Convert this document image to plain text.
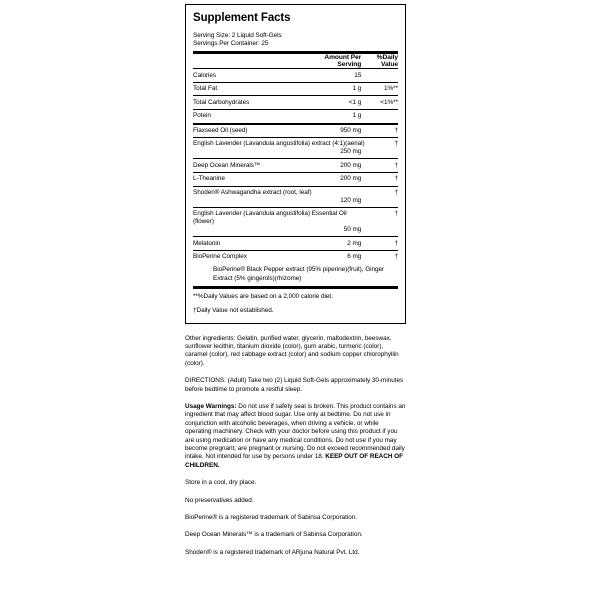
Supplement Facts
Serving Size: 2 Liquid Soft-Gels
Servings Per Container: 25
	Amount Per Serving	%Daily Value
Calories	15	
Total Fat	1 g	1%**
Total Carbohydrates	<1 g	<1%**
Potein	1 g	
Flaxseed Oil (seed)	950 mg	†
English Lavender (Lavandula angustifolia) extract (4:1)(aerial)
250 mg		†
Deep Ocean Minerals™	200 mg	†
L-Theanine	200 mg	†
Shoden® Ashwagandha extract (root, leaf)
120 mg		†
English Lavender (Lavandula angustifolia) Essential Oil (flower)
50 mg		†
Melatonin	2 mg	†
BioPerine Complex	6 mg	†
BioPerine® Black Pepper extract (95% piperine)(fruit), Ginger Extract (5% gingerols)(rhizome)		
**%Daily Values are based on a 2,000 calorie diet.
†Daily Value not established.

Other ingredients: Gelatin, purified water, glycerin, maltodextrin, beeswax, sunflower lecithin, titanium dioxide (color), gum arabic, turmeric (color), caramel (color), red cabbage extract (color) and sodium copper chlorophyllin (color).

DIRECTIONS: (Adult) Take two (2) Liquid Soft-Gels approximately 30-minutes before bedtime to promote a restful sleep.

Usage Warnings: Do not use if safety seal is broken. This product contains an ingredient that may affect blood sugar. Use only at bedtime. Do not use in conjunction with alcoholic beverages, when driving a vehicle, or while operating machinery. Check with your doctor before using this product if you are using medication or have any medical conditions. Do not use if you may become pregnant, are pregnant or nursing. Do not exceed recommended daily intake. Not intended for use by persons under 18. KEEP OUT OF REACH OF CHILDREN.

Store in a cool, dry place.

No preservatives added.

BioPerine® is a registered trademark of Sabinsa Corporation.

Deep Ocean Minerals™ is a trademark of Sabinsa Corporation.

Shoden® is a registered trademark of ARjuna Natural Pvt. Ltd.
